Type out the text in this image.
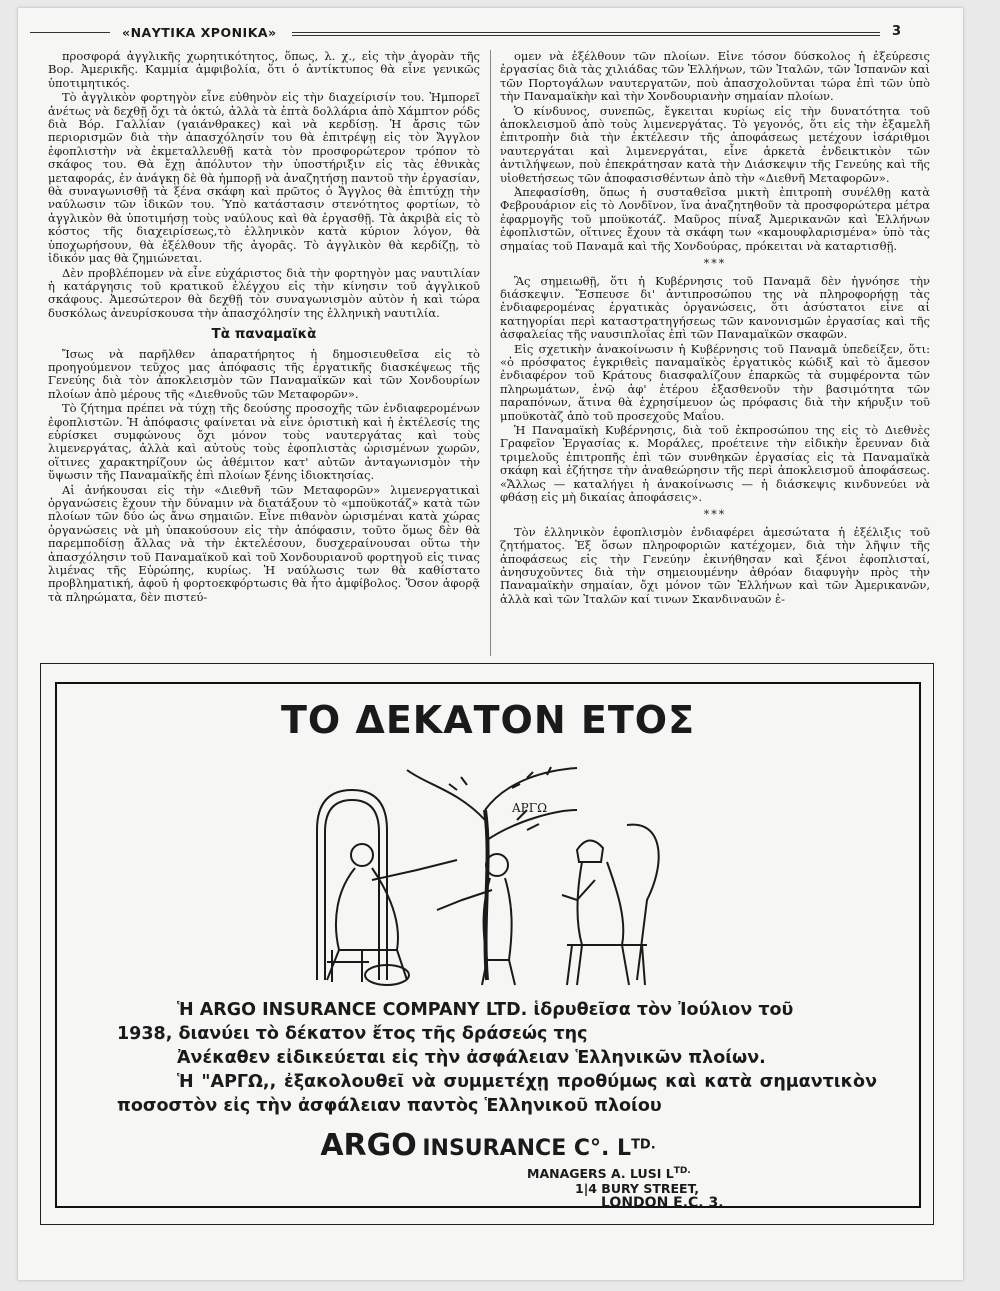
«ΝΑΥΤΙΚΑ ΧΡΟΝΙΚΑ»	3

προσφορά ἀγγλικῆς χωρητικότητος, ὅπως, λ. χ., εἰς τὴν ἀγορὰν τῆς Βορ. Ἀμερικῆς. Καμμία ἀμφιβολία, ὅτι ὁ ἀντίκτυπος θὰ εἶνε γενικῶς ὑποτιμητικός.

Τὸ ἀγγλικὸν φορτηγὸν εἶνε εὐθηνὸν εἰς τὴν διαχείρισίν του. Ἠμπορεῖ ἀνέτως νὰ δεχθῇ ὄχι τὰ ὀκτώ, ἀλλὰ τὰ ἑπτὰ δολλάρια ἀπὸ Χάμπτον ρόδς διὰ Βόρ. Γαλλίαν (γαιάνθρακες) καὶ νὰ κερδίσῃ. Ἡ ἄρσις τῶν περιορισμῶν διὰ τὴν ἀπασχόλησίν του θὰ ἐπιτρέψῃ εἰς τὸν Ἄγγλον ἐφοπλιστὴν νὰ ἐκμεταλλευθῇ κατὰ τὸν προσφορώτερον τρόπον τὸ σκάφος του. Θὰ ἔχῃ ἀπόλυτον τὴν ὑποστήριξιν εἰς τὰς ἐθνικὰς μεταφοράς, ἐν ἀνάγκῃ δὲ θὰ ἠμπορῇ νὰ ἀναζητήσῃ παντοῦ τὴν ἐργασίαν, θὰ συναγωνισθῇ τὰ ξένα σκάφη καὶ πρῶτος ὁ Ἄγγλος θὰ ἐπιτύχῃ τὴν ναύλωσιν τῶν ἰδικῶν του. Ὑπὸ κατάστασιν στενότητος φορτίων, τὸ ἀγγλικὸν θὰ ὑποτιμήσῃ τοὺς ναύλους καὶ θὰ ἐργασθῇ. Τὰ ἀκριβὰ εἰς τὸ κόστος τῆς διαχειρίσεως,τὸ ἑλληνικὸν κατὰ κύριον λόγον, θὰ ὑποχωρήσουν, θὰ ἐξέλθουν τῆς ἀγορᾶς. Τὸ ἀγγλικὸν θὰ κερδίζῃ, τὸ ἰδικόν μας θὰ ζημιώνεται.

Δὲν προβλέπομεν νὰ εἶνε εὐχάριστος διὰ τὴν φορτηγὸν μας ναυτιλίαν ἡ κατάργησις τοῦ κρατικοῦ ἐλέγχου εἰς τὴν κίνησιν τοῦ ἀγγλικοῦ σκάφους. Ἀμεσώτερον θὰ δεχθῇ τὸν συναγωνισμὸν αὐτὸν ἡ καὶ τώρα δυσκόλως ἀνευρίσκουσα τὴν ἀπασχόλησίν της ἑλληνικὴ ναυτιλία.

Τὰ παναμαϊκὰ

Ἴσως νὰ παρῆλθεν ἀπαρατήρητος ἡ δημοσιευθεῖσα εἰς τὸ προηγούμενον τεῦχος μας ἀπόφασις τῆς ἐργατικῆς διασκέψεως τῆς Γενεύης διὰ τὸν ἀποκλεισμὸν τῶν Παναμαϊκῶν καὶ τῶν Χονδουρίων πλοίων ἀπὸ μέρους τῆς «Διεθνοῦς τῶν Μεταφορῶν».

Τὸ ζήτημα πρέπει νὰ τύχῃ τῆς δεούσης προσοχῆς τῶν ἐνδιαφερομένων ἐφοπλιστῶν. Ἡ ἀπόφασις φαίνεται νὰ εἶνε ὁριστικὴ καὶ ἡ ἐκτέλεσίς της εὑρίσκει συμφώνους ὄχι μόνον τοὺς ναυτεργάτας καὶ τοὺς λιμενεργάτας, ἀλλὰ καὶ αὐτοὺς τοὺς ἐφοπλιστὰς ὡρισμένων χωρῶν, οἵτινες χαρακτηρίζουν ὡς ἀθέμιτον κατ' αὐτῶν ἀνταγωνισμὸν τὴν ὕψωσιν τῆς Παναμαϊκῆς ἐπὶ πλοίων ξένης ἰδιοκτησίας.

Αἱ ἀνήκουσαι εἰς τὴν «Διεθνῆ τῶν Μεταφορῶν» λιμενεργατικαὶ ὀργανώσεις ἔχουν τὴν δύναμιν νὰ διατάξουν τὸ «μποϋκοτάζ» κατὰ τῶν πλοίων τῶν δύο ὡς ἄνω σημαιῶν. Εἶνε πιθανὸν ὡρισμέναι κατὰ χώρας ὀργανώσεις νὰ μὴ ὑπακούσουν εἰς τὴν ἀπόφασιν, τοῦτο ὅμως δὲν θὰ παρεμποδίσῃ ἄλλας νὰ τὴν ἐκτελέσουν, δυσχεραίνουσαι οὕτω τὴν ἀπασχόλησιν τοῦ Παναμαϊκοῦ καὶ τοῦ Χονδουριανοῦ φορτηγοῦ εἰς τινας λιμένας τῆς Εὐρώπης, κυρίως. Ἡ ναύλωσις των θὰ καθίστατο προβληματική, ἀφοῦ ἡ φορτοεκφόρτωσις θὰ ἦτο ἀμφίβολος. Ὅσον ἀφορᾷ τὰ πληρώματα, δὲν πιστεύ-

ομεν νὰ ἐξέλθουν τῶν πλοίων. Εἶνε τόσον δύσκολος ἡ ἐξεύρεσις ἐργασίας διὰ τὰς χιλιάδας τῶν Ἑλλήνων, τῶν Ἰταλῶν, τῶν Ἰσπανῶν καὶ τῶν Πορτογάλων ναυτεργατῶν, ποὺ ἀπασχολοῦνται τώρα ἐπὶ τῶν ὑπὸ τὴν Παναμαϊκὴν καὶ τὴν Χονδουριανὴν σημαίαν πλοίων.

Ὁ κίνδυνος, συνεπῶς, ἔγκειται κυρίως εἰς τὴν δυνατότητα τοῦ ἀποκλεισμοῦ ἀπὸ τοὺς λιμενεργάτας. Τὸ γεγονός, ὅτι εἰς τὴν ἐξαμελῆ ἐπιτροπὴν διὰ τὴν ἐκτέλεσιν τῆς ἀποφάσεως μετέχουν ἰσάριθμοι ναυτεργάται καὶ λιμενεργάται, εἶνε ἀρκετὰ ἐνδεικτικὸν τῶν ἀντιλήψεων, ποὺ ἐπεκράτησαν κατὰ τὴν Διάσκεψιν τῆς Γενεύης καὶ τῆς υἱοθετήσεως τῶν ἀποφασισθέντων ἀπὸ τὴν «Διεθνῆ Μεταφορῶν».

Ἀπεφασίσθη, ὅπως ἡ συσταθεῖσα μικτὴ ἐπιτροπὴ συνέλθῃ κατὰ Φεβρουάριον εἰς τὸ Λονδῖνον, ἵνα ἀναζητηθοῦν τὰ προσφορώτερα μέτρα ἐφαρμογῆς τοῦ μποϋκοτάζ. Μαῦρος πίναξ Ἀμερικανῶν καὶ Ἑλλήνων ἐφοπλιστῶν, οἵτινες ἔχουν τὰ σκάφη των «καμουφλαρισμένα» ὑπὸ τὰς σημαίας τοῦ Παναμᾶ καὶ τῆς Χονδούρας, πρόκειται νὰ καταρτισθῇ.

***

Ἂς σημειωθῇ, ὅτι ἡ Κυβέρνησις τοῦ Παναμᾶ δὲν ἠγνόησε τὴν διάσκεψιν. Ἔσπευσε δι' ἀντιπροσώπου της νὰ πληροφορήσῃ τὰς ἐνδιαφερομένας ἐργατικὰς ὀργανώσεις, ὅτι ἀσύστατοι εἶνε αἱ κατηγορίαι περὶ καταστρατηγήσεως τῶν κανονισμῶν ἐργασίας καὶ τῆς ἀσφαλείας τῆς ναυσιπλοΐας ἐπὶ τῶν Παναμαϊκῶν σκαφῶν.

Εἰς σχετικὴν ἀνακοίνωσιν ἡ Κυβέρνησις τοῦ Παναμᾶ ὑπεδείξεν, ὅτι: «ὁ πρόσφατος ἐγκριθεὶς παναμαϊκὸς ἐργατικὸς κώδιξ καὶ τὸ ἄμεσον ἐνδιαφέρον τοῦ Κράτους διασφαλίζουν ἐπαρκῶς τὰ συμφέροντα τῶν πληρωμάτων, ἐνῷ ἀφ' ἑτέρου ἐξασθενοῦν τὴν βασιμότητα τῶν παραπόνων, ἅτινα θὰ ἐχρησίμευον ὡς πρόφασις διὰ τὴν κήρυξιν τοῦ μποϋκοτὰζ ἀπὸ τοῦ προσεχοῦς Μαΐου.

Ἡ Παναμαϊκὴ Κυβέρνησις, διὰ τοῦ ἐκπροσώπου της εἰς τὸ Διεθνὲς Γραφεῖον Ἐργασίας κ. Μοράλες, προέτεινε τὴν εἰδικὴν ἔρευναν διὰ τριμελοῦς ἐπιτροπῆς ἐπὶ τῶν συνθηκῶν ἐργασίας εἰς τὰ Παναμαϊκὰ σκάφη καὶ ἐζήτησε τὴν ἀναθεώρησιν τῆς περὶ ἀποκλεισμοῦ ἀποφάσεως. «Ἄλλως — καταλήγει ἡ ἀνακοίνωσις — ἡ διάσκεψις κινδυνεύει νὰ φθάσῃ εἰς μὴ δικαίας ἀποφάσεις».

***

Τὸν ἑλληνικὸν ἐφοπλισμὸν ἐνδιαφέρει ἀμεσώτατα ἡ ἐξέλιξις τοῦ ζητήματος. Ἐξ ὅσων πληροφοριῶν κατέχομεν, διὰ τὴν λῆψιν τῆς ἀποφάσεως εἰς τὴν Γενεύην ἐκινήθησαν καὶ ξένοι ἐφοπλισταί, ἀνησυχοῦντες διὰ τὴν σημειουμένην ἀθρόαν διαφυγὴν πρὸς τὴν Παναμαϊκὴν σημαίαν, ὄχι μόνον τῶν Ἑλλήνων καὶ τῶν Ἀμερικανῶν, ἀλλὰ καὶ τῶν Ἰταλῶν καί τινων Σκανδιναυῶν ἐ-

ΤΟ ΔΕΚΑΤΟΝ ΕΤΟΣ
ΑΡΓΩ
Ἡ ARGO INSURANCE COMPANY LTD. ἱδρυθεῖσα τὸν Ἰούλιον τοῦ
1938, διανύει τὸ δέκατον ἔτος τῆς δράσεώς της
Ἀνέκαθεν εἰδικεύεται εἰς τὴν ἀσφάλειαν Ἑλληνικῶν πλοίων.
Ἡ "ΑΡΓΩ,, ἐξακολουθεῖ νὰ συμμετέχῃ προθύμως καὶ κατὰ σημαντικὸν ποσοστὸν εἰς τὴν ἀσφάλειαν παντὸς Ἑλληνικοῦ πλοίου
ARGO INSURANCE C°. $L^{TD.}$
MANAGERS A. LUSI $L^{TD.}$
1|4 BURY STREET,
LONDON E.C. 3.
